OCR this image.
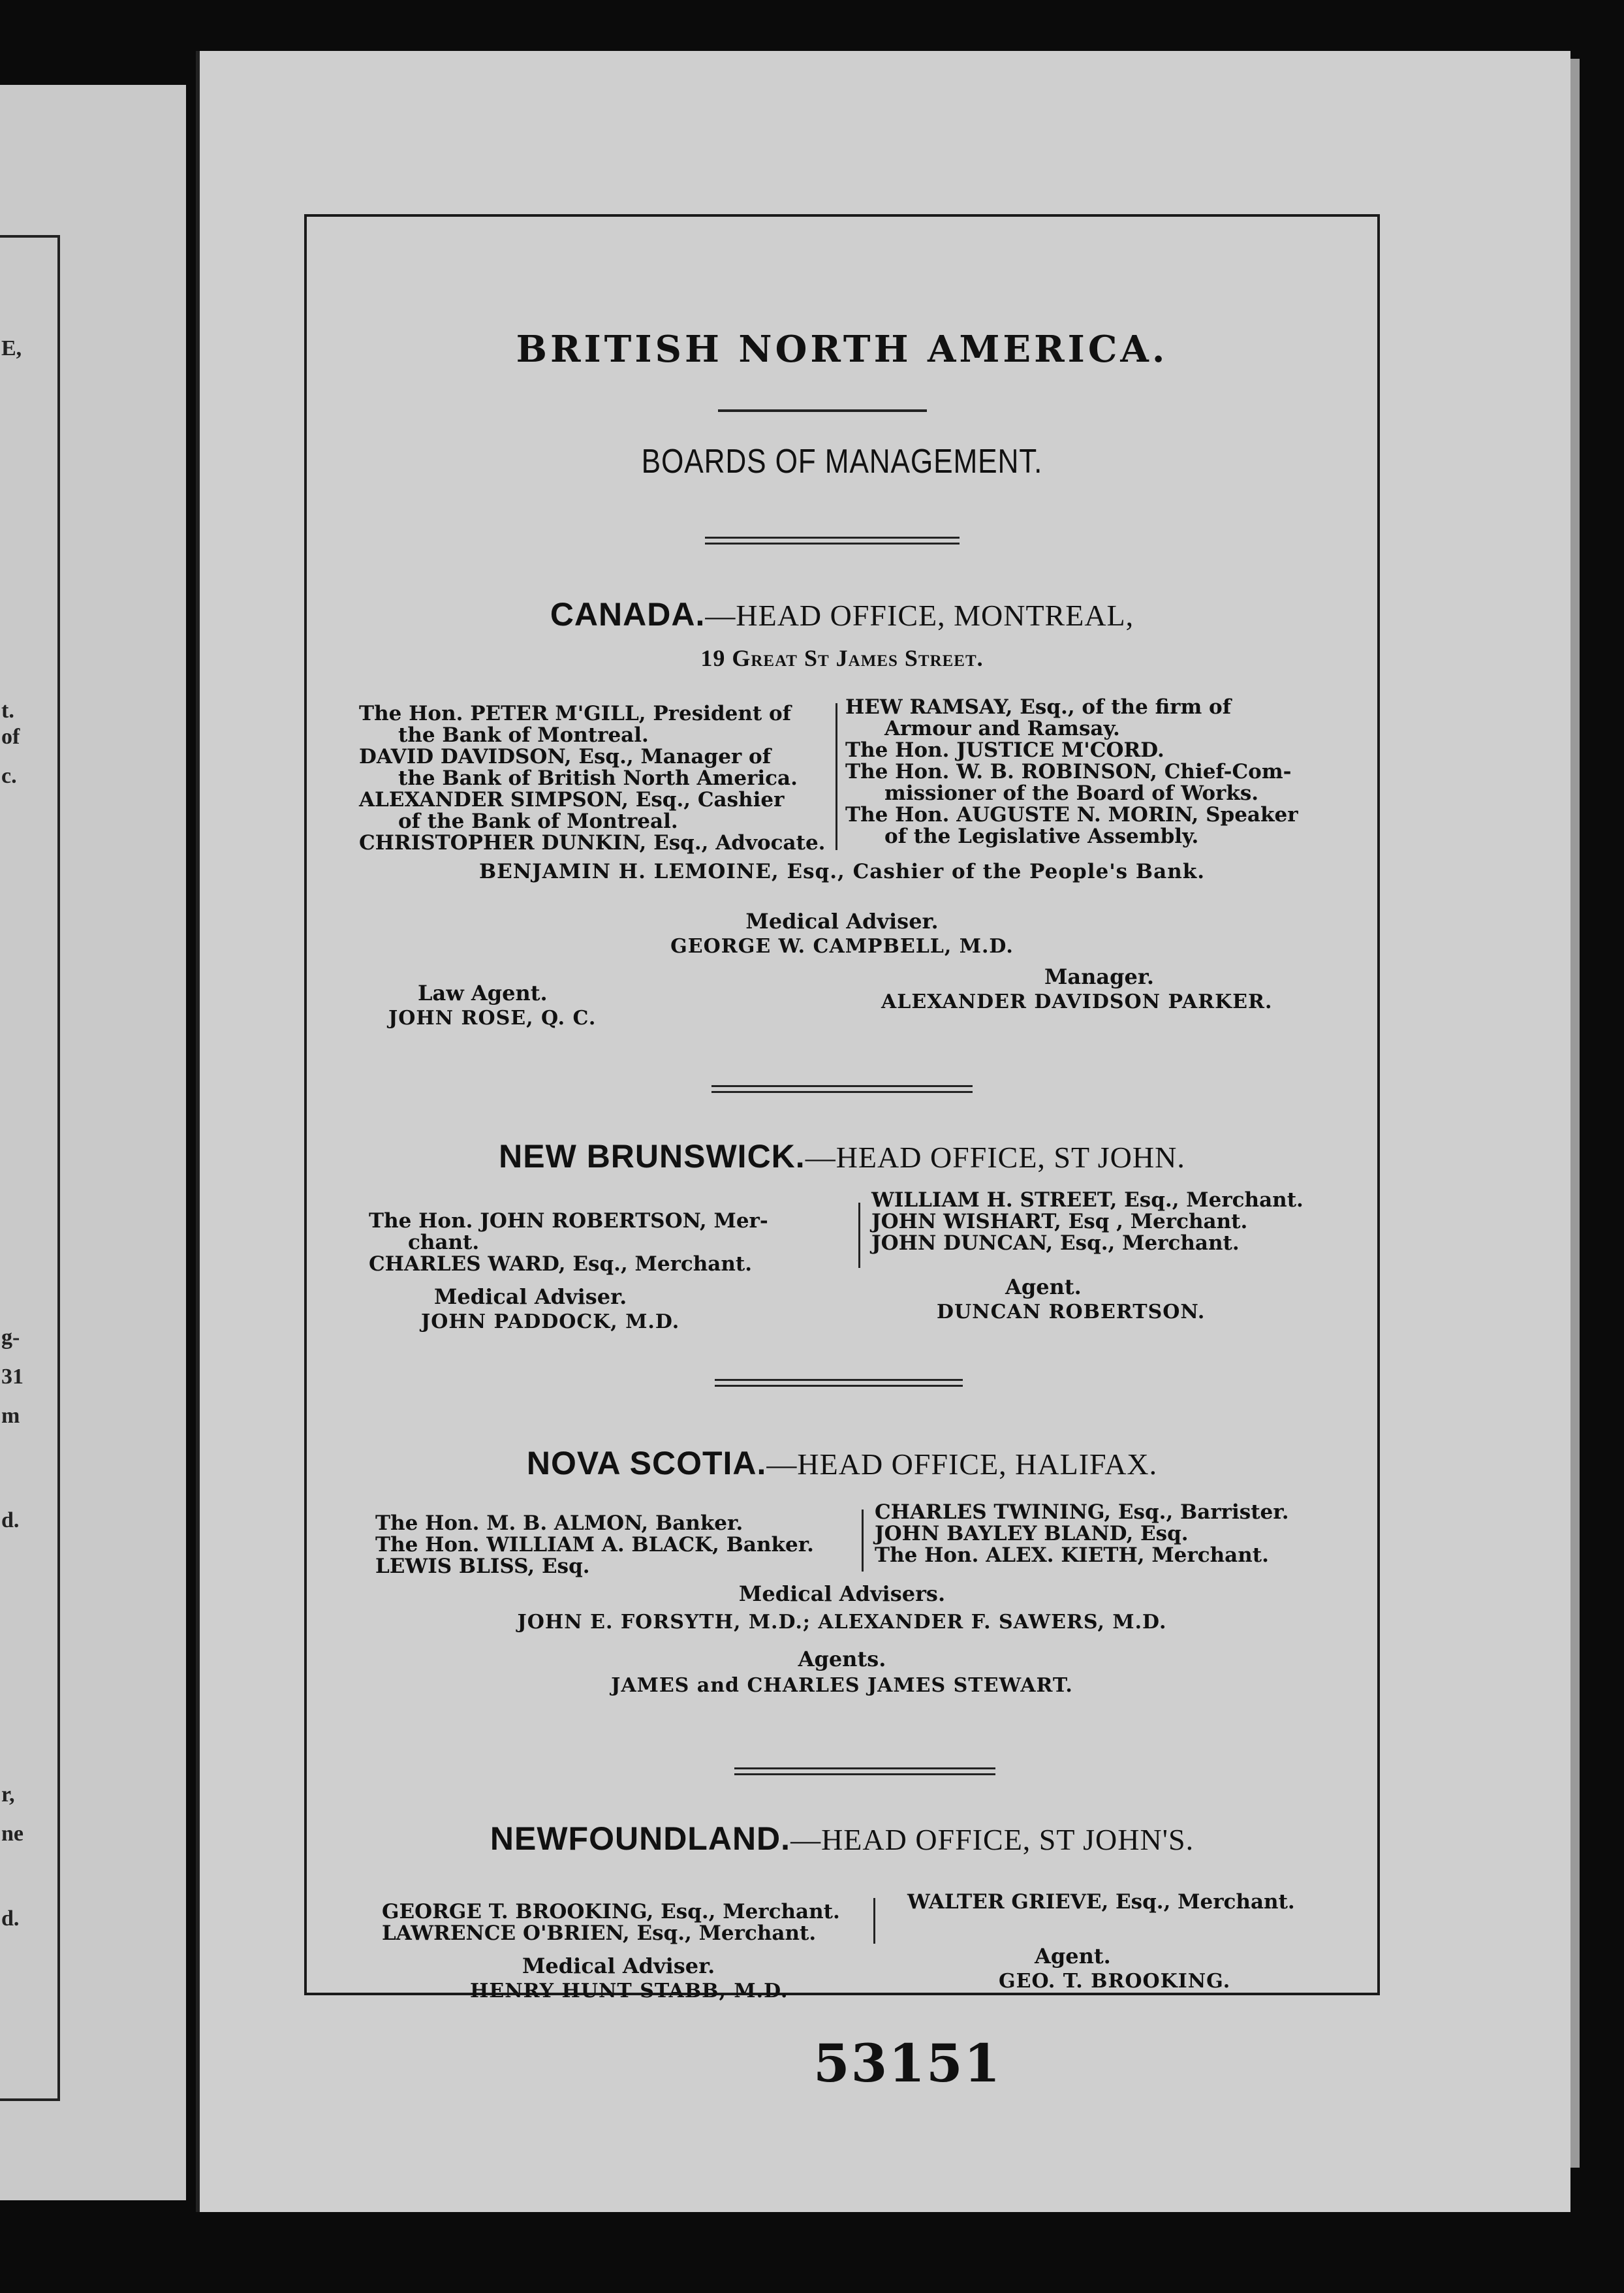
E,
t.
of
c.
g-
31
m
d.
r,
ne
d.
BRITISH NORTH AMERICA.
BOARDS OF MANAGEMENT.
CANADA.—HEAD OFFICE, MONTREAL,
19 Great St James Street.
The Hon. PETER M'GILL, President of
the Bank of Montreal.
DAVID DAVIDSON, Esq., Manager of
the Bank of British North America.
ALEXANDER SIMPSON, Esq., Cashier
of the Bank of Montreal.
CHRISTOPHER DUNKIN, Esq., Advocate.
HEW RAMSAY, Esq., of the firm of
Armour and Ramsay.
The Hon. JUSTICE M'CORD.
The Hon. W. B. ROBINSON, Chief-Com-
missioner of the Board of Works.
The Hon. AUGUSTE N. MORIN, Speaker
of the Legislative Assembly.
BENJAMIN H. LEMOINE, Esq., Cashier of the People's Bank.
Medical Adviser.
GEORGE W. CAMPBELL, M.D.
Law Agent.
JOHN ROSE, Q. C.
Manager.
ALEXANDER DAVIDSON PARKER.
NEW BRUNSWICK.—HEAD OFFICE, ST JOHN.
The Hon. JOHN ROBERTSON, Mer-
chant.
CHARLES WARD, Esq., Merchant.
WILLIAM H. STREET, Esq., Merchant.
JOHN WISHART, Esq , Merchant.
JOHN DUNCAN, Esq., Merchant.
Medical Adviser.
JOHN PADDOCK, M.D.
Agent.
DUNCAN ROBERTSON.
NOVA SCOTIA.—HEAD OFFICE, HALIFAX.
The Hon. M. B. ALMON, Banker.
The Hon. WILLIAM A. BLACK, Banker.
LEWIS BLISS, Esq.
CHARLES TWINING, Esq., Barrister.
JOHN BAYLEY BLAND, Esq.
The Hon. ALEX. KIETH, Merchant.
Medical Advisers.
JOHN E. FORSYTH, M.D.; ALEXANDER F. SAWERS, M.D.
Agents.
JAMES and CHARLES JAMES STEWART.
NEWFOUNDLAND.—HEAD OFFICE, ST JOHN'S.
GEORGE T. BROOKING, Esq., Merchant.
LAWRENCE O'BRIEN, Esq., Merchant.
WALTER GRIEVE, Esq., Merchant.
Medical Adviser.
HENRY HUNT STABB, M.D.
Agent.
GEO. T. BROOKING.
53151
